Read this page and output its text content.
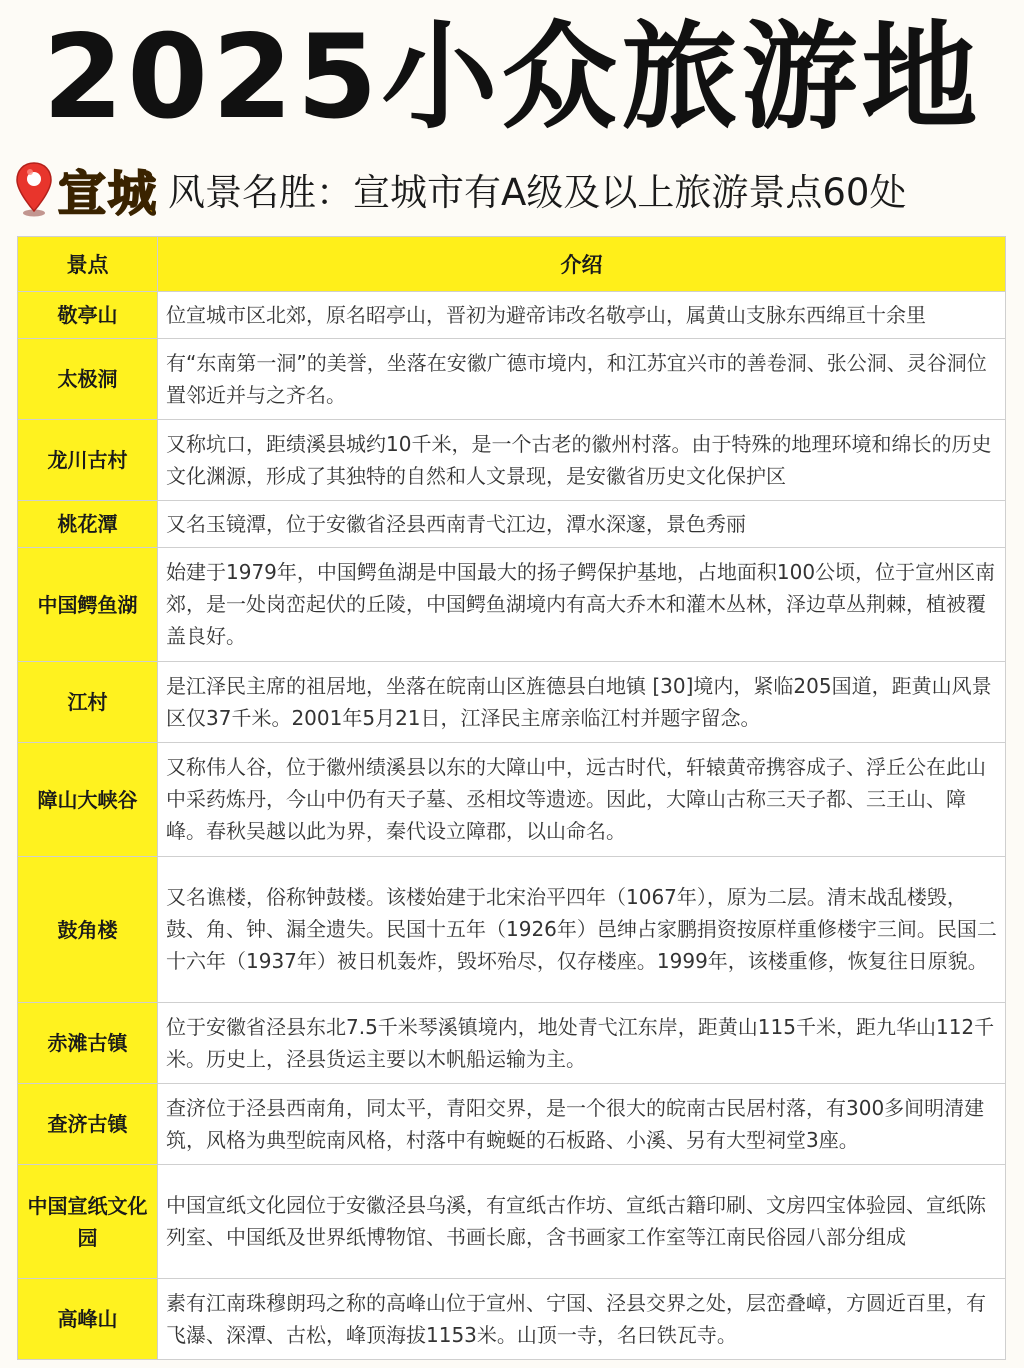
2025小众旅游地
宣城 风景名胜：宣城市有A级及以上旅游景点60处
景点	介绍
敬亭山	位宣城市区北郊，原名昭亭山，晋初为避帝讳改名敬亭山，属黄山支脉东西绵亘十余里
太极洞	有“东南第一洞”的美誉，坐落在安徽广德市境内，和江苏宜兴市的善卷洞、张公洞、灵谷洞位置邻近并与之齐名。
龙川古村	又称坑口，距绩溪县城约10千米，是一个古老的徽州村落。由于特殊的地理环境和绵长的历史文化渊源，形成了其独特的自然和人文景现，是安徽省历史文化保护区
桃花潭	又名玉镜潭，位于安徽省泾县西南青弋江边，潭水深邃，景色秀丽
中国鳄鱼湖	始建于1979年，中国鳄鱼湖是中国最大的扬子鳄保护基地，占地面积100公顷，位于宣州区南郊，是一处岗峦起伏的丘陵，中国鳄鱼湖境内有高大乔木和灌木丛林，泽边草丛荆棘，植被覆盖良好。
江村	是江泽民主席的祖居地，坐落在皖南山区旌德县白地镇 [30]境内，紧临205国道，距黄山风景区仅37千米。2001年5月21日，江泽民主席亲临江村并题字留念。
障山大峡谷	又称伟人谷，位于徽州绩溪县以东的大障山中，远古时代，轩辕黄帝携容成子、浮丘公在此山中采药炼丹，今山中仍有天子墓、丞相坟等遗迹。因此，大障山古称三天子都、三王山、障峰。春秋吴越以此为界，秦代设立障郡，以山命名。
鼓角楼	又名谯楼，俗称钟鼓楼。该楼始建于北宋治平四年（1067年），原为二层。清末战乱楼毁，鼓、角、钟、漏全遗失。民国十五年（1926年）邑绅占家鹏捐资按原样重修楼宇三间。民国二十六年（1937年）被日机轰炸，毁坏殆尽，仅存楼座。1999年，该楼重修，恢复往日原貌。
赤滩古镇	位于安徽省泾县东北7.5千米琴溪镇境内，地处青弋江东岸，距黄山115千米，距九华山112千米。历史上，泾县货运主要以木帆船运输为主。
查济古镇	查济位于泾县西南角，同太平，青阳交界，是一个很大的皖南古民居村落，有300多间明清建筑，风格为典型皖南风格，村落中有蜿蜒的石板路、小溪、另有大型祠堂3座。
中国宣纸文化园	中国宣纸文化园位于安徽泾县乌溪，有宣纸古作坊、宣纸古籍印刷、文房四宝体验园、宣纸陈列室、中国纸及世界纸博物馆、书画长廊，含书画家工作室等江南民俗园八部分组成
高峰山	素有江南珠穆朗玛之称的高峰山位于宣州、宁国、泾县交界之处，层峦叠嶂，方圆近百里，有飞瀑、深潭、古松，峰顶海拔1153米。山顶一寺，名曰铁瓦寺。
